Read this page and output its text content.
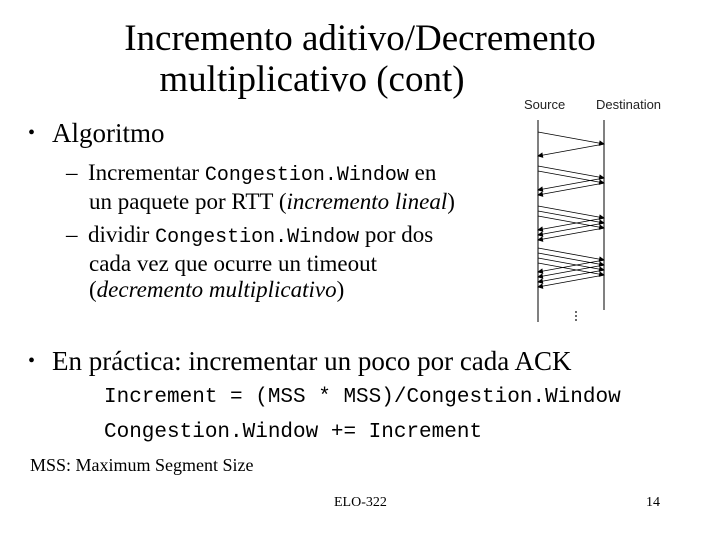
Incremento aditivo/Decremento
multiplicativo (cont)
Source Destination
• Algoritmo
– Incrementar Congestion.Window en
un paquete por RTT (incremento lineal)
– dividir Congestion.Window por dos
cada vez que ocurre un timeout
(decremento multiplicativo)
• En práctica: incrementar un poco por cada ACK
Increment = (MSS * MSS)/Congestion.Window
Congestion.Window += Increment
MSS: Maximum Segment Size
ELO-322	14
